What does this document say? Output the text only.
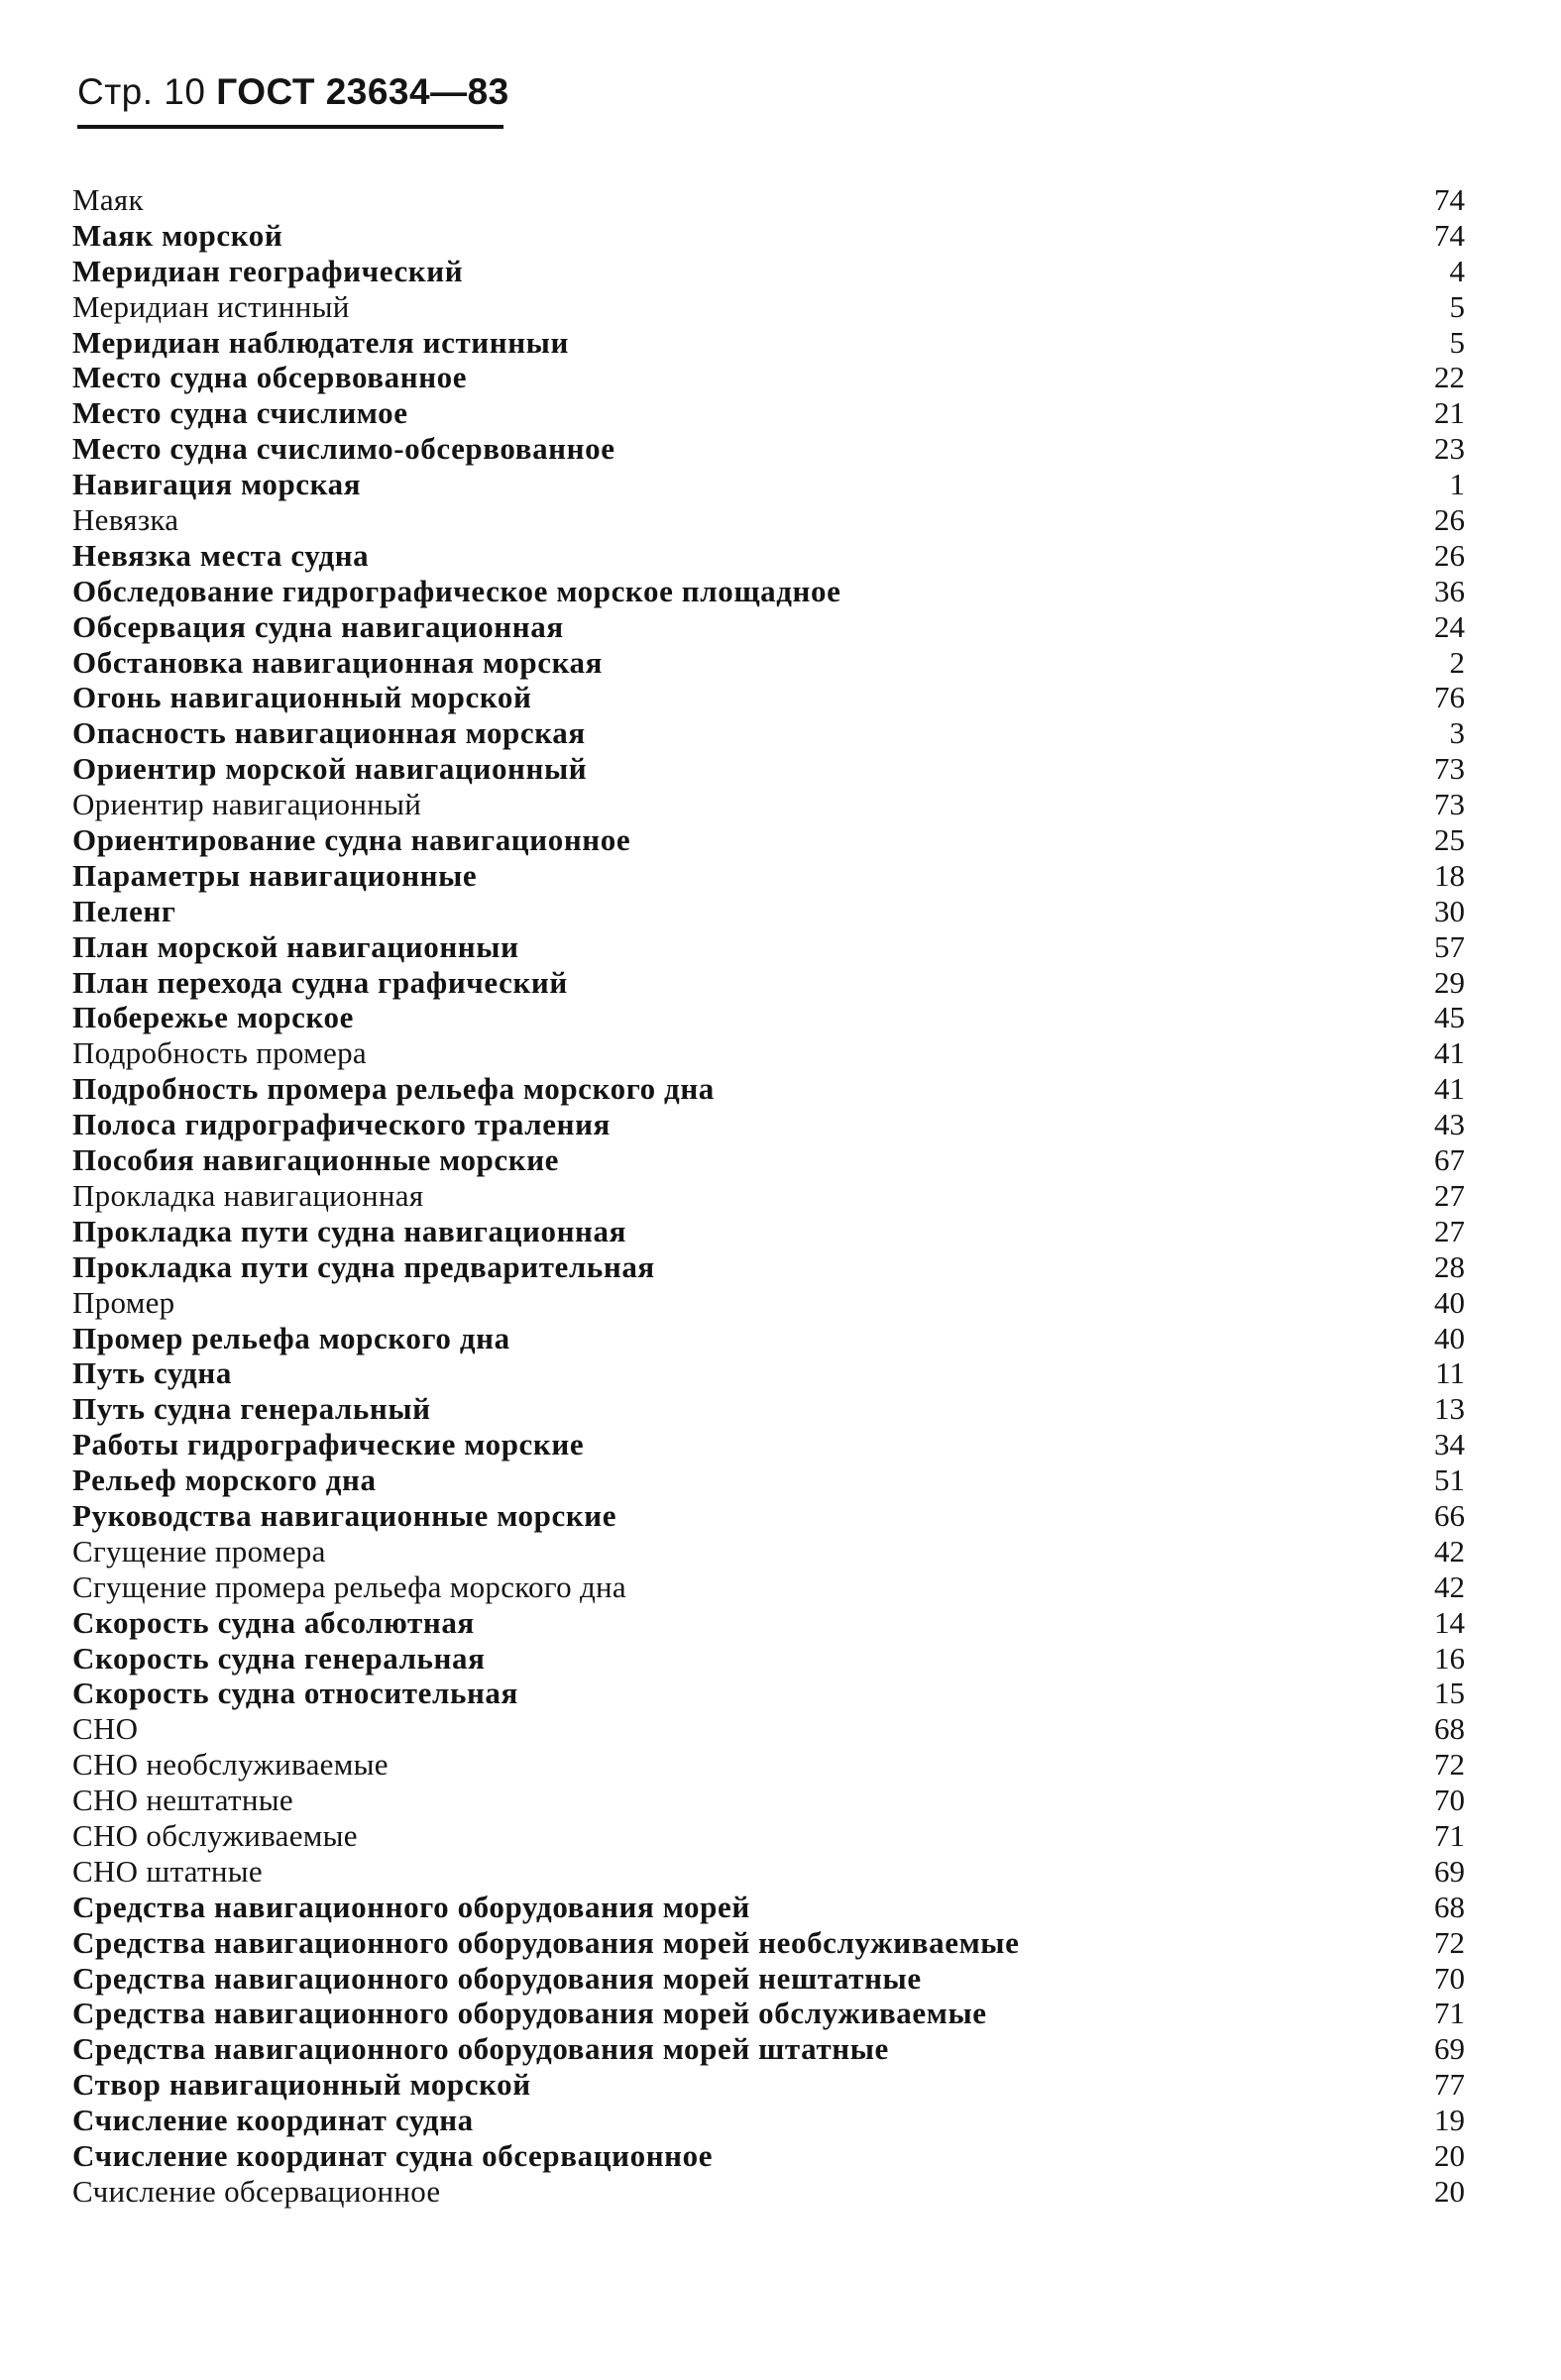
Стр. 10 ГОСТ 23634—83
Маяк	74
Маяк морской	74
Меридиан географический	4
Меридиан истинный	5
Меридиан наблюдателя истинныи	5
Место судна обсервованное	22
Место судна счислимое	21
Место судна счислимо-обсервованное	23
Навигация морская	1
Невязка	26
Невязка места судна	26
Обследование гидрографическое морское площадное	36
Обсервация судна навигационная	24
Обстановка навигационная морская	2
Огонь навигационный морской	76
Опасность навигационная морская	3
Ориентир морской навигационный	73
Ориентир навигационный	73
Ориентирование судна навигационное	25
Параметры навигационные	18
Пеленг	30
План морской навигационныи	57
План перехода судна графический	29
Побережье морское	45
Подробность промера	41
Подробность промера рельефа морского дна	41
Полоса гидрографического траления	43
Пособия навигационные морские	67
Прокладка навигационная	27
Прокладка пути судна навигационная	27
Прокладка пути судна предварительная	28
Промер	40
Промер рельефа морского дна	40
Путь судна	11
Путь судна генеральный	13
Работы гидрографические морские	34
Рельеф морского дна	51
Руководства навигационные морские	66
Сгущение промера	42
Сгущение промера рельефа морского дна	42
Скорость судна абсолютная	14
Скорость судна генеральная	16
Скорость судна относительная	15
СНО	68
СНО необслуживаемые	72
СНО нештатные	70
СНО обслуживаемые	71
СНО штатные	69
Средства навигационного оборудования морей	68
Средства навигационного оборудования морей необслуживаемые	72
Средства навигационного оборудования морей нештатные	70
Средства навигационного оборудования морей обслуживаемые	71
Средства навигационного оборудования морей штатные	69
Створ навигационный морской	77
Счисление координат судна	19
Счисление координат судна обсервационное	20
Счисление обсервационное	20
